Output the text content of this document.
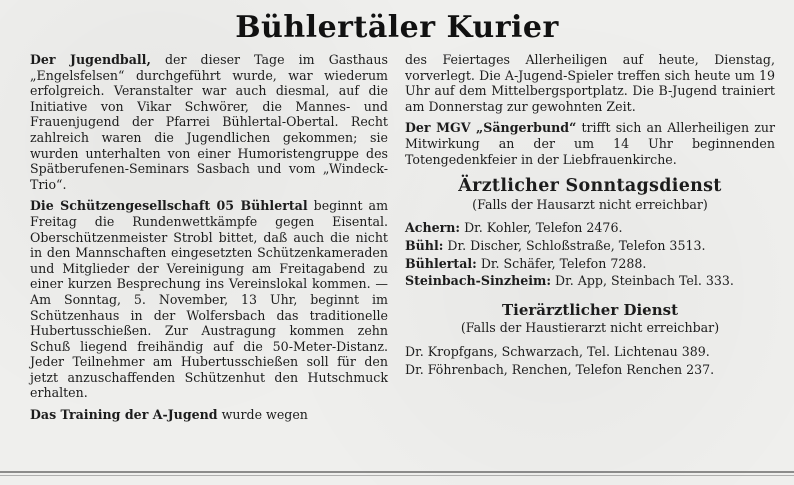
Bühlertäler Kurier

Der Jugendball, der dieser Tage im Gasthaus „Engelsfelsen“ durchgeführt wurde, war wiederum erfolgreich. Veranstalter war auch diesmal, auf die Initiative von Vikar Schwörer, die Mannes- und Frauenjugend der Pfarrei Bühlertal-Obertal. Recht zahlreich waren die Jugendlichen gekommen; sie wurden unterhalten von einer Humoristengruppe des Spätberufenen-Seminars Sasbach und vom „Windeck-Trio“.

Die Schützengesellschaft 05 Bühlertal beginnt am Freitag die Rundenwettkämpfe gegen Eisental. Oberschützenmeister Strobl bittet, daß auch die nicht in den Mannschaften eingesetzten Schützenkameraden und Mitglieder der Vereinigung am Freitagabend zu einer kurzen Besprechung ins Vereinslokal kommen. — Am Sonntag, 5. November, 13 Uhr, beginnt im Schützenhaus in der Wolfersbach das traditionelle Hubertusschießen. Zur Austragung kommen zehn Schuß liegend freihändig auf die 50-Meter-Distanz. Jeder Teilnehmer am Hubertusschießen soll für den jetzt anzuschaffenden Schützenhut den Hutschmuck erhalten.

Das Training der A-Jugend wurde wegen

des Feiertages Allerheiligen auf heute, Dienstag, vorverlegt. Die A-Jugend-Spieler treffen sich heute um 19 Uhr auf dem Mittelbergsportplatz. Die B-Jugend trainiert am Donnerstag zur gewohnten Zeit.

Der MGV „Sängerbund“ trifft sich an Allerheiligen zur Mitwirkung an der um 14 Uhr beginnenden Totengedenkfeier in der Liebfrauenkirche.

Ärztlicher Sonntagsdienst
(Falls der Hausarzt nicht erreichbar)
Achern: Dr. Kohler, Telefon 2476.
Bühl: Dr. Discher, Schloßstraße, Telefon 3513.
Bühlertal: Dr. Schäfer, Telefon 7288.
Steinbach-Sinzheim: Dr. App, Steinbach Tel. 333.
Tierärztlicher Dienst
(Falls der Haustierarzt nicht erreichbar)
Dr. Kropfgans, Schwarzach, Tel. Lichtenau 389.
Dr. Föhrenbach, Renchen, Telefon Renchen 237.
